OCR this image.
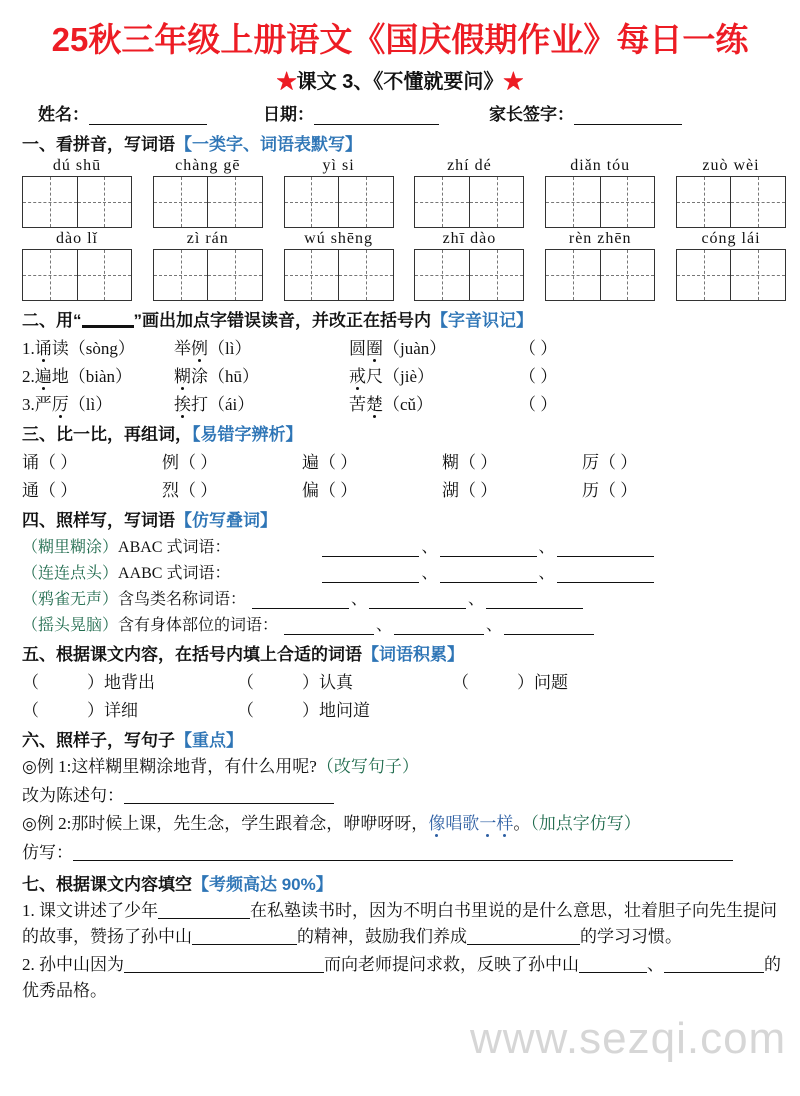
25秋三年级上册语文《国庆假期作业》每日一练
★课文 3、《不懂就要问》★
姓名：	日期：	家长签字：
一、看拼音，写词语【一类字、词语表默写】
dú shū	chàng gē	yì si	zhí dé	diǎn tóu	zuò wèi
dào lǐ	zì rán	wú shēng	zhī dào	rèn zhēn	cóng lái
二、用“	”画出加点字错误读音，并改正在括号内【字音识记】
1.诵读（sòng）	举例（lì）	圆圈（juàn）	（ ）
2.遍地（biàn）	糊涂（hū）	戒尺（jiè）	（ ）
3.严厉（lì）	挨打（ái）	苦楚（cǔ）	（ ）
三、比一比，再组词，【易错字辨析】
诵（ ）	例（ ）	遍（ ）	糊（ ）	厉（ ）
通（ ）	烈（ ）	偏（ ）	湖（ ）	历（ ）
四、照样写，写词语【仿写叠词】
（糊里糊涂）ABAC 式词语：	、	、
（连连点头）AABC 式词语：	、	、
（鸦雀无声）含鸟类名称词语：	、	、
（摇头晃脑）含有身体部位的词语：	、	、
五、根据课文内容，在括号内填上合适的词语【词语积累】
（	）地背出	（	）认真	（	）问题
（	）详细	（	）地问道
六、照样子，写句子【重点】
◎例 1:这样糊里糊涂地背，有什么用呢?（改写句子）
改为陈述句：
◎例 2:那时候上课，先生念，学生跟着念，咿咿呀呀，像唱歌一样。（加点字仿写）
仿写：
七、根据课文内容填空【考频高达 90%】
1. 课文讲述了少年	在私塾读书时，因为不明白书里说的是什么意思，壮着胆子向先生提问的故事，赞扬了孙中山	的精神，鼓励我们养成	的学习习惯。
2. 孙中山因为	而向老师提问求救，反映了孙中山	、	的优秀品格。
www.sezqi.com
